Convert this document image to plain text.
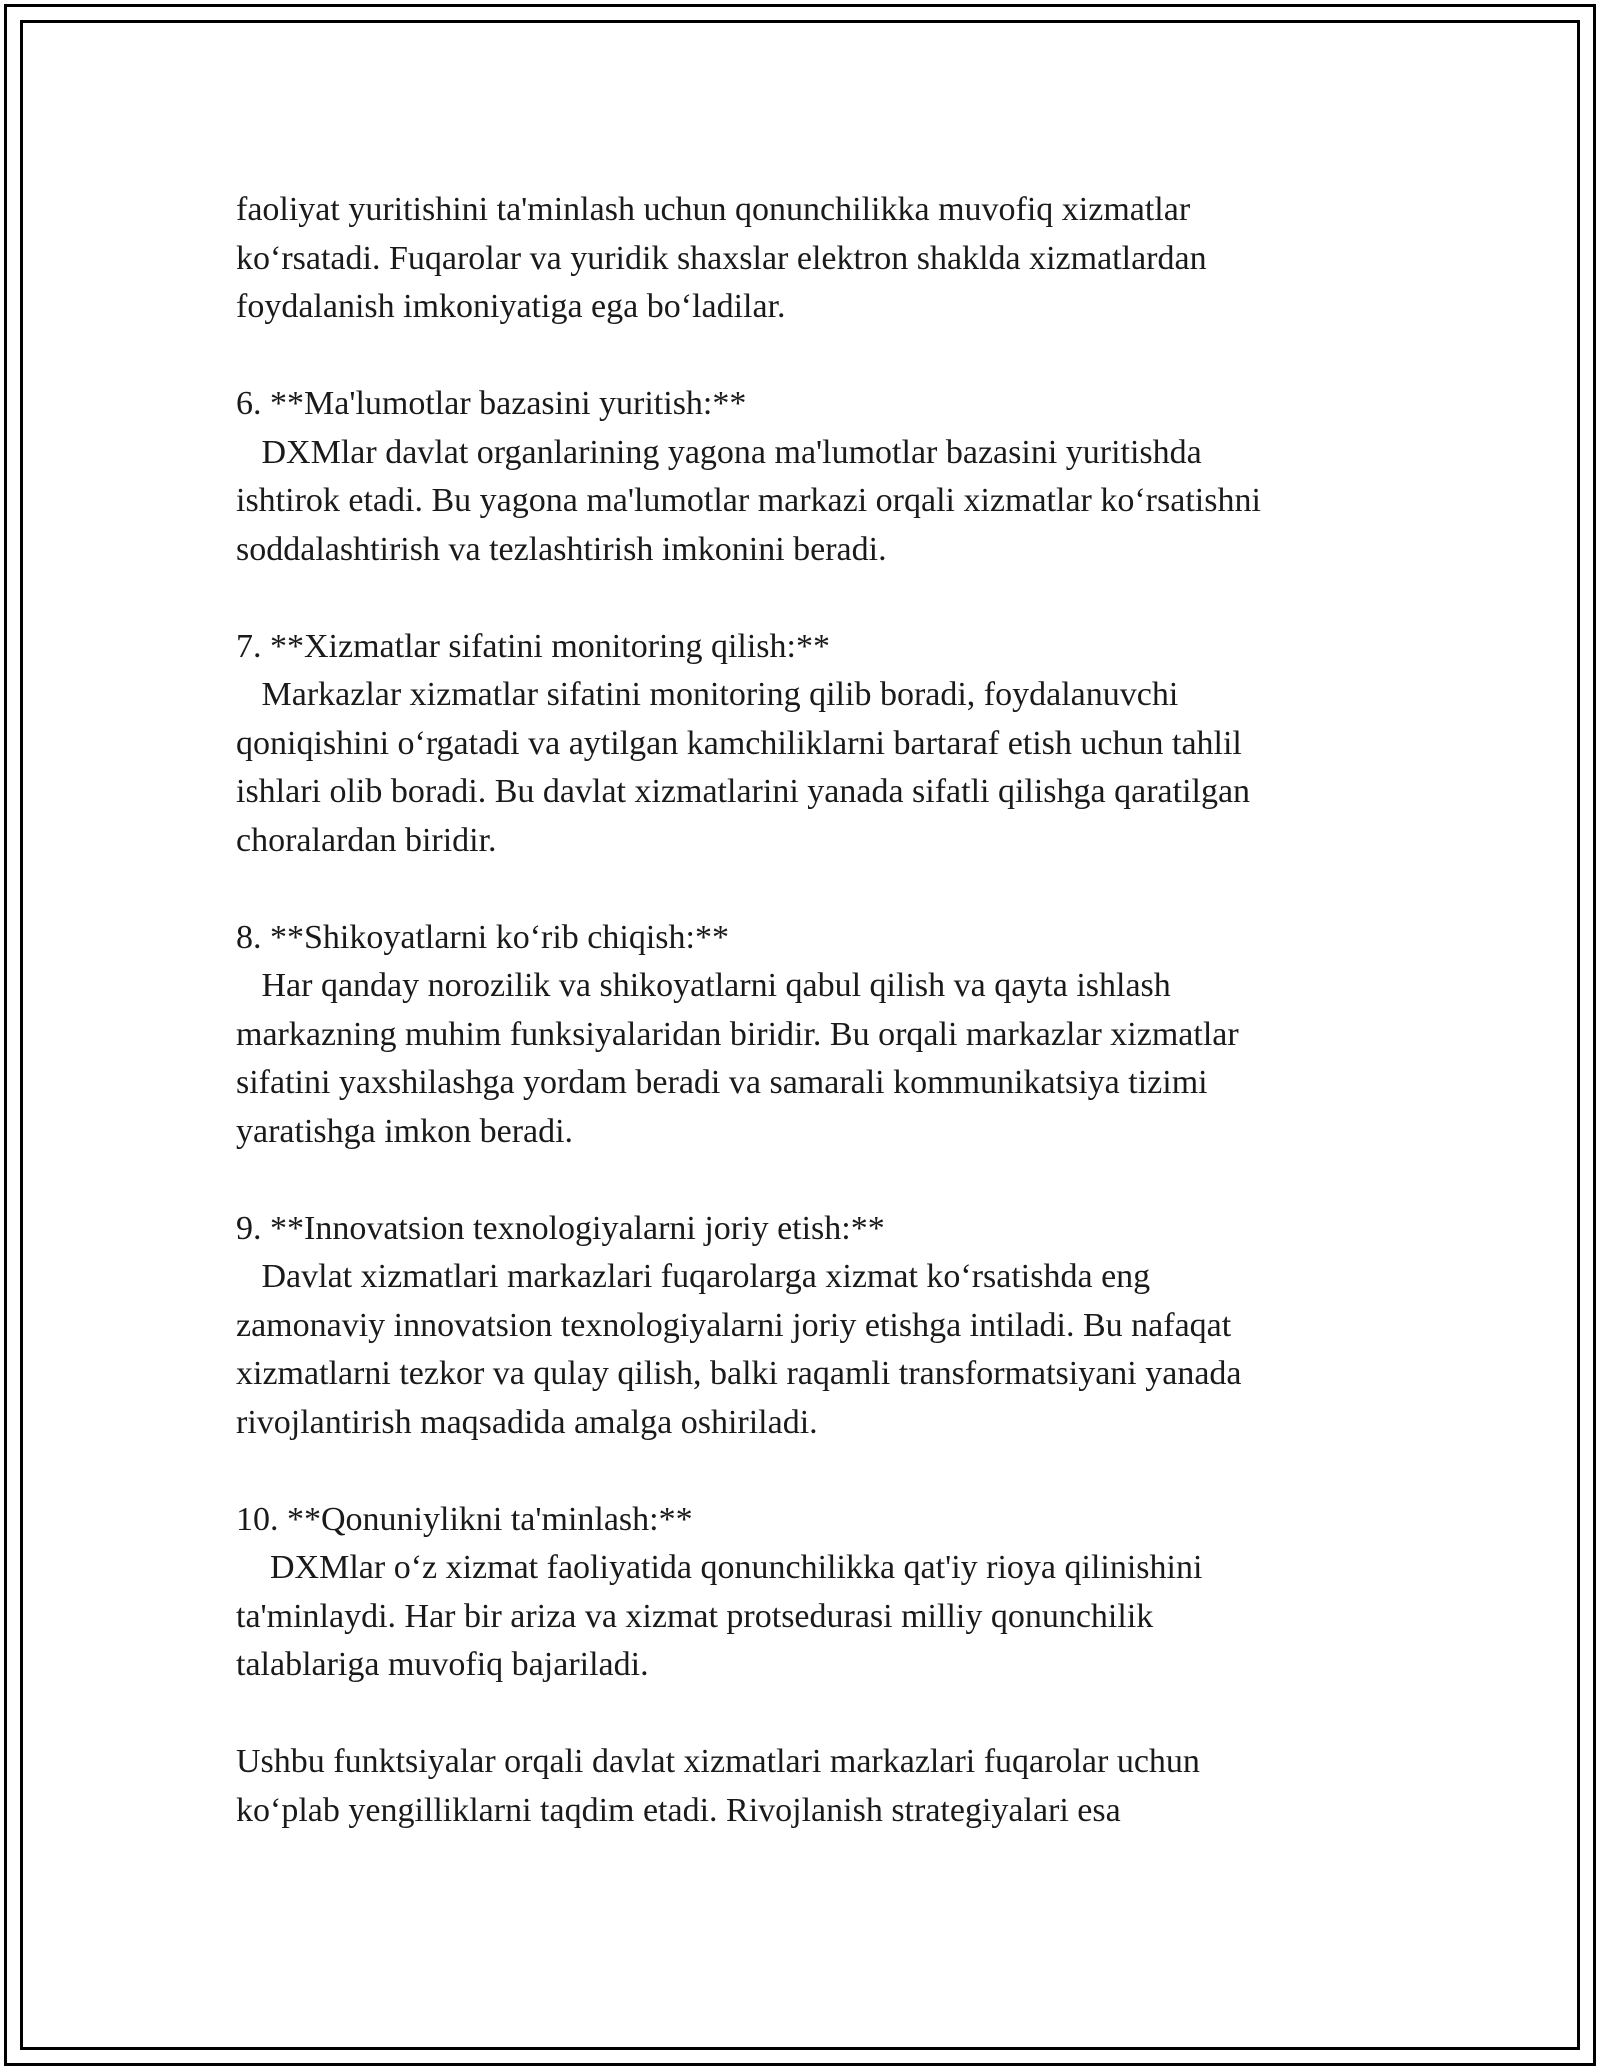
faoliyat yuritishini ta'minlash uchun qonunchilikka muvofiq xizmatlar
ko‘rsatadi. Fuqarolar va yuridik shaxslar elektron shaklda xizmatlardan
foydalanish imkoniyatiga ega bo‘ladilar.
6. **Ma'lumotlar bazasini yuritish:**
DXMlar davlat organlarining yagona ma'lumotlar bazasini yuritishda
ishtirok etadi. Bu yagona ma'lumotlar markazi orqali xizmatlar ko‘rsatishni
soddalashtirish va tezlashtirish imkonini beradi.
7. **Xizmatlar sifatini monitoring qilish:**
Markazlar xizmatlar sifatini monitoring qilib boradi, foydalanuvchi
qoniqishini o‘rgatadi va aytilgan kamchiliklarni bartaraf etish uchun tahlil
ishlari olib boradi. Bu davlat xizmatlarini yanada sifatli qilishga qaratilgan
choralardan biridir.
8. **Shikoyatlarni ko‘rib chiqish:**
Har qanday norozilik va shikoyatlarni qabul qilish va qayta ishlash
markazning muhim funksiyalaridan biridir. Bu orqali markazlar xizmatlar
sifatini yaxshilashga yordam beradi va samarali kommunikatsiya tizimi
yaratishga imkon beradi.
9. **Innovatsion texnologiyalarni joriy etish:**
Davlat xizmatlari markazlari fuqarolarga xizmat ko‘rsatishda eng
zamonaviy innovatsion texnologiyalarni joriy etishga intiladi. Bu nafaqat
xizmatlarni tezkor va qulay qilish, balki raqamli transformatsiyani yanada
rivojlantirish maqsadida amalga oshiriladi.
10. **Qonuniylikni ta'minlash:**
DXMlar o‘z xizmat faoliyatida qonunchilikka qat'iy rioya qilinishini
ta'minlaydi. Har bir ariza va xizmat protsedurasi milliy qonunchilik
talablariga muvofiq bajariladi.
Ushbu funktsiyalar orqali davlat xizmatlari markazlari fuqarolar uchun
ko‘plab yengilliklarni taqdim etadi. Rivojlanish strategiyalari esa
